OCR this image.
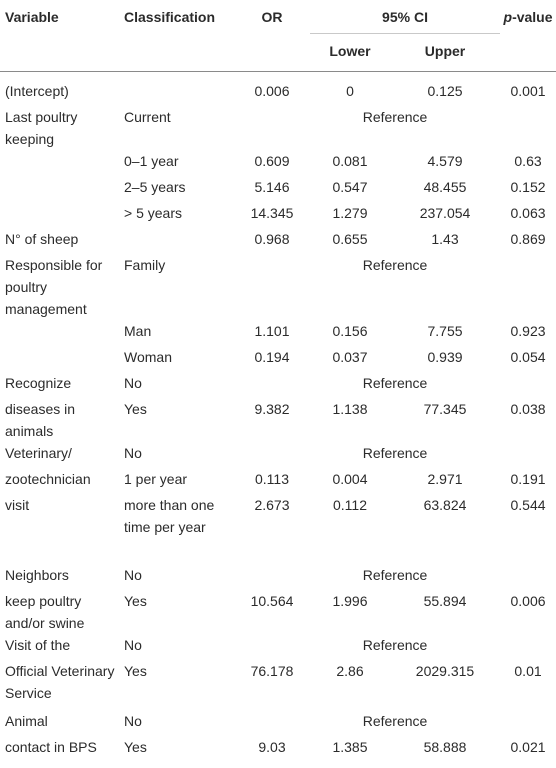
Variable	Classification	OR	95% CI		p-value
			Lower	Upper	

(Intercept)		0.006	0	0.125	0.001
Last poultry keeping	Current	Reference			
	0–1 year	0.609	0.081	4.579	0.63
	2–5 years	5.146	0.547	48.455	0.152
	> 5 years	14.345	1.279	237.054	0.063
N° of sheep		0.968	0.655	1.43	0.869
Responsible for poultry management	Family	Reference			
	Man	1.101	0.156	7.755	0.923
	Woman	0.194	0.037	0.939	0.054
Recognize	No	Reference			
diseases in animals	Yes	9.382	1.138	77.345	0.038
Veterinary/	No	Reference			
zootechnician	1 per year	0.113	0.004	2.971	0.191
visit	more than one time per year	2.673	0.112	63.824	0.544
Neighbors	No	Reference			
keep poultry and/or swine	Yes	10.564	1.996	55.894	0.006
Visit of the	No	Reference			
Official Veterinary Service	Yes	76.178	2.86	2029.315	0.01
Animal	No	Reference			
contact in BPS	Yes	9.03	1.385	58.888	0.021
